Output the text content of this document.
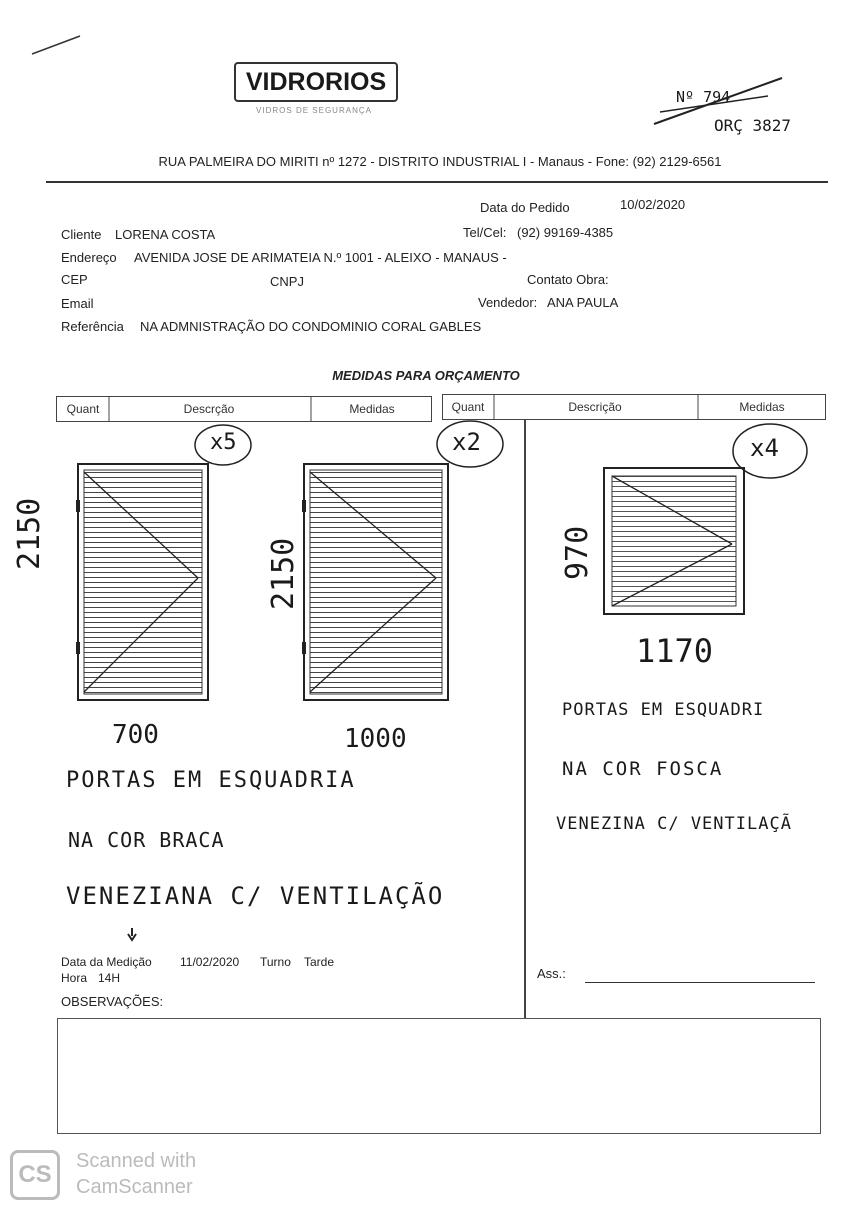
VIDRORIOS
VIDROS DE SEGURANÇA
Nº 794
ORÇ 3827
RUA PALMEIRA DO MIRITI nº 1272 - DISTRITO INDUSTRIAL I - Manaus - Fone: (92) 2129-6561
Data do Pedido	10/02/2020
Cliente LORENA COSTA	Tel/Cel: (92) 99169-4385
Endereço AVENIDA JOSE DE ARIMATEIA N.º 1001 - ALEIXO - MANAUS -
CEP	CNPJ	Contato Obra:
Email	Vendedor: ANA PAULA
Referência NA ADMNISTRAÇÃO DO CONDOMINIO CORAL GABLES
MEDIDAS PARA ORÇAMENTO
Quant	Descrção	Medidas	Quant	Descrição	Medidas
x5
2150
700
x2
2150
1000
x4
970
1170
PORTAS EM ESQUADRIA
NA COR BRACA
VENEZIANA C/ VENTILAÇÃO
PORTAS EM ESQUADRI
NA COR FOSCA
VENEZINA C/ VENTILAÇÃ
Data da Medição 11/02/2020 Turno Tarde
Hora 14H
OBSERVAÇÕES:
Ass.:
CS	Scanned with
CamScanner
